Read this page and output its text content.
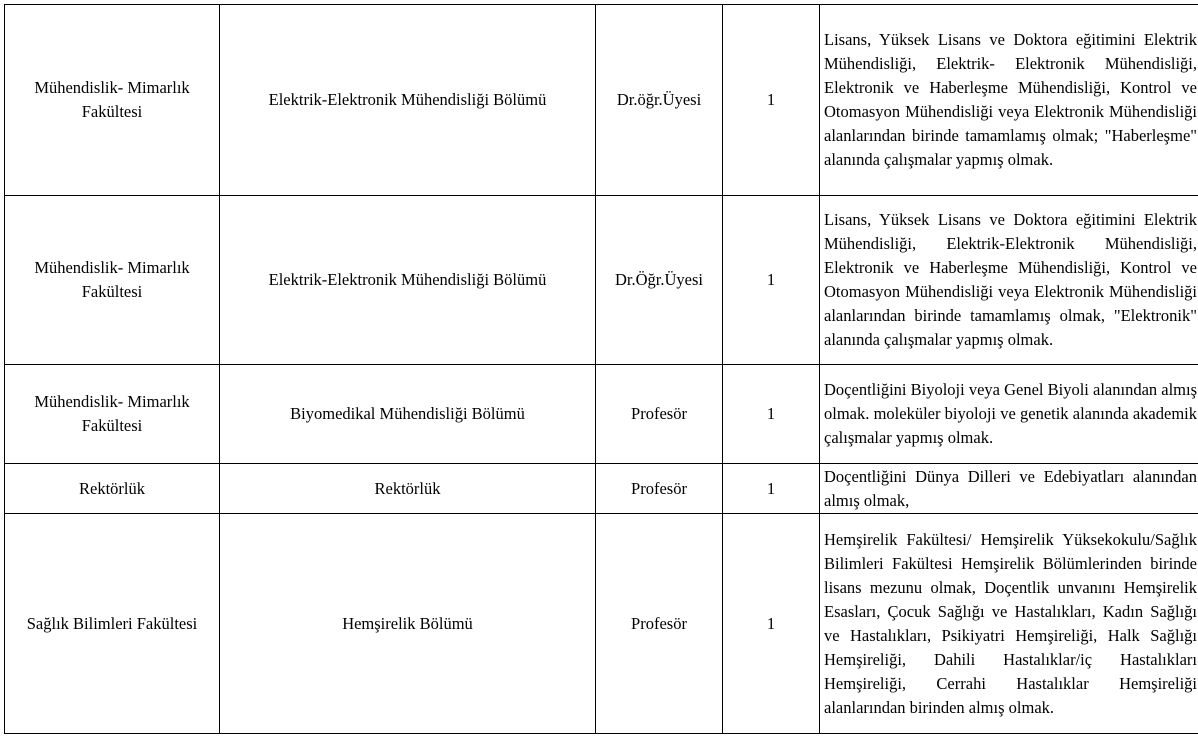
Mühendislik- Mimarlık Fakültesi	Elektrik-Elektronik Mühendisliği Bölümü	Dr.öğr.Üyesi	1	Lisans, Yüksek Lisans ve Doktora eğitimini Elektrik Mühendisliği, Elektrik- Elektronik Mühendisliği, Elektronik ve Haberleşme Mühendisliği, Kontrol ve Otomasyon Mühendisliği veya Elektronik Mühendisliği alanlarından birinde tamamlamış olmak; "Haberleşme" alanında çalışmalar yapmış olmak.
Mühendislik- Mimarlık Fakültesi	Elektrik-Elektronik Mühendisliği Bölümü	Dr.Öğr.Üyesi	1	Lisans, Yüksek Lisans ve Doktora eğitimini Elektrik Mühendisliği, Elektrik-Elektronik Mühendisliği, Elektronik ve Haberleşme Mühendisliği, Kontrol ve Otomasyon Mühendisliği veya Elektronik Mühendisliği alanlarından birinde tamamlamış olmak, "Elektronik" alanında çalışmalar yapmış olmak.
Mühendislik- Mimarlık Fakültesi	Biyomedikal Mühendisliği Bölümü	Profesör	1	Doçentliğini Biyoloji veya Genel Biyoli alanından almış olmak. moleküler biyoloji ve genetik alanında akademik çalışmalar yapmış olmak.
Rektörlük	Rektörlük	Profesör	1	Doçentliğini Dünya Dilleri ve Edebiyatları alanından almış olmak,
Sağlık Bilimleri Fakültesi	Hemşirelik Bölümü	Profesör	1	Hemşirelik Fakültesi/ Hemşirelik Yüksekokulu/Sağlık Bilimleri Fakültesi Hemşirelik Bölümlerinden birinde lisans mezunu olmak, Doçentlik unvanını Hemşirelik Esasları, Çocuk Sağlığı ve Hastalıkları, Kadın Sağlığı ve Hastalıkları, Psikiyatri Hemşireliği, Halk Sağlığı Hemşireliği, Dahili Hastalıklar/iç Hastalıkları Hemşireliği, Cerrahi Hastalıklar Hemşireliği alanlarından birinden almış olmak.
